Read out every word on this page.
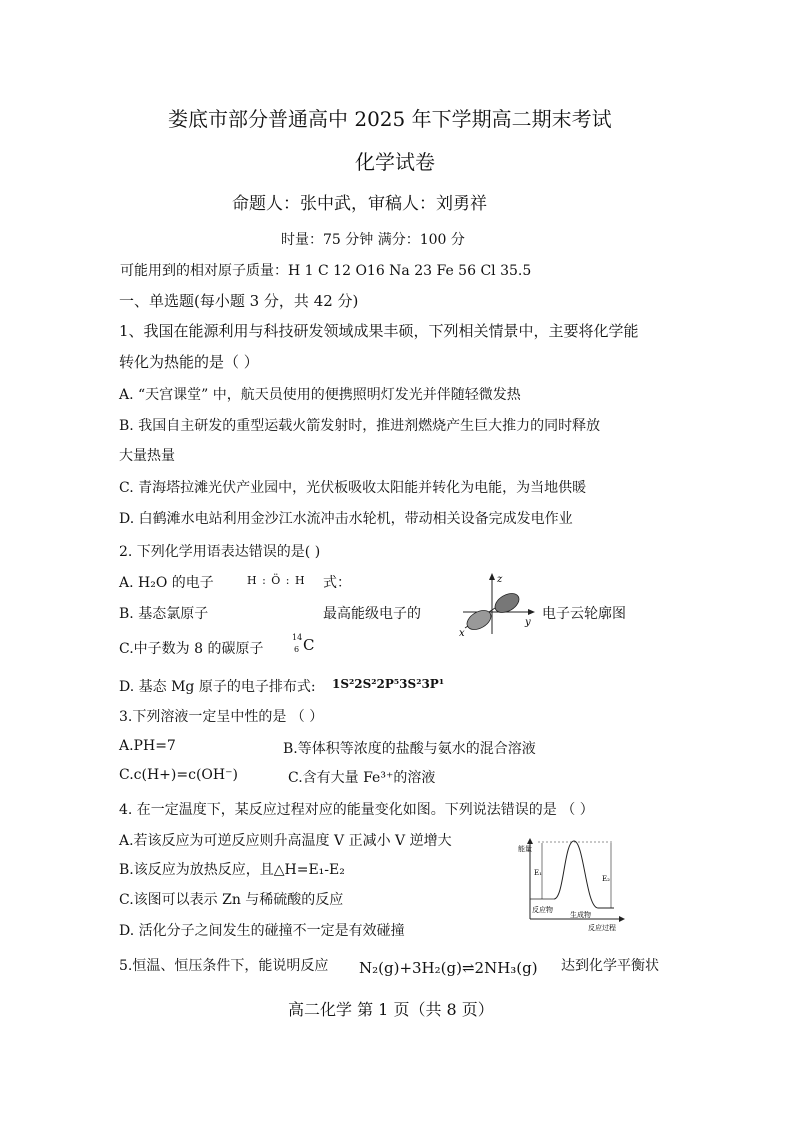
娄底市部分普通高中 2025 年下学期高二期末考试
化学试卷
命题人：张中武，审稿人：刘勇祥
时量：75 分钟 满分：100 分
可能用到的相对原子质量：H 1 C 12 O16 Na 23 Fe 56 Cl 35.5
一、单选题(每小题 3 分，共 42 分)
1、我国在能源利用与科技研发领域成果丰硕，下列相关情景中，主要将化学能
转化为热能的是（ ）
A. “天宫课堂” 中，航天员使用的便携照明灯发光并伴随轻微发热
B. 我国自主研发的重型运载火箭发射时，推进剂燃烧产生巨大推力的同时释放
大量热量
C. 青海塔拉滩光伏产业园中，光伏板吸收太阳能并转化为电能，为当地供暖
D. 白鹤滩水电站利用金沙江水流冲击水轮机，带动相关设备完成发电作业
2. 下列化学用语表达错误的是( )
A. H₂O 的电子	H : Ö : H 式：
B. 基态氯原子	最高能级电子的	电子云轮廓图
z
y
x
C.中子数为 8 的碳原子
14
6 C
D. 基态 Mg 原子的电子排布式: 1S²2S²2P⁵3S²3P¹
3.下列溶液一定呈中性的是 （ ）
A.PH=7	B.等体积等浓度的盐酸与氨水的混合溶液
C.c(H+)=c(OH⁻)	C.含有大量 Fe³⁺的溶液
4. 在一定温度下，某反应过程对应的能量变化如图。下列说法错误的是 （ ）
A.若该反应为可逆反应则升高温度 V 正减小 V 逆增大
B.该反应为放热反应，且△H=E₁-E₂
C.该图可以表示 Zn 与稀硫酸的反应
D. 活化分子之间发生的碰撞不一定是有效碰撞
能量
E₁
E₂
反应物
生成物
反应过程
5.恒温、恒压条件下，能说明反应 N₂(g)+3H₂(g)⇌2NH₃(g) 达到化学平衡状
高二化学 第 1 页（共 8 页）
